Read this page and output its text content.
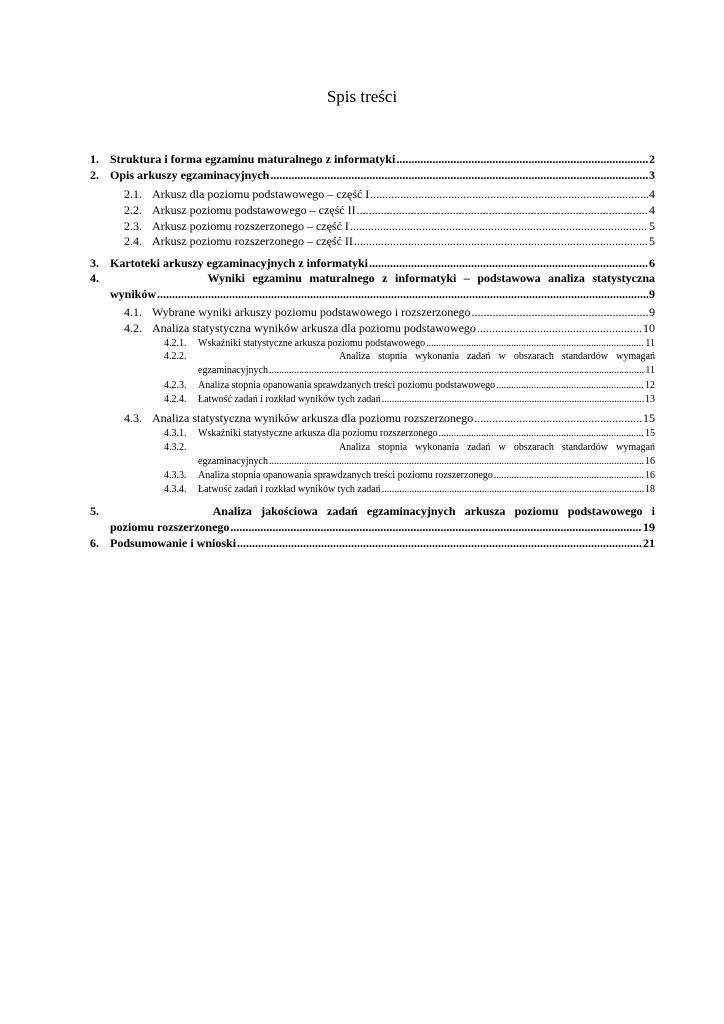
Spis treści
1. Struktura i forma egzaminu maturalnego z informatyki .....	2
2. Opis arkuszy egzaminacyjnych .....	3
2.1. Arkusz dla poziomu podstawowego – część I .....	4
2.2. Arkusz poziomu podstawowego – część II .....	4
2.3. Arkusz poziomu rozszerzonego – część I .....	5
2.4. Arkusz poziomu rozszerzonego – część II .....	5
3. Kartoteki arkuszy egzaminacyjnych z informatyki .....	6
4.	Wyniki egzaminu maturalnego z informatyki – podstawowa analiza statystyczna
wyników .....	9
4.1. Wybrane wyniki arkuszy poziomu podstawowego i rozszerzonego .....	9
4.2. Analiza statystyczna wyników arkusza dla poziomu podstawowego .....	10
4.2.1.	Wskaźniki statystyczne arkusza poziomu podstawowego .....	11
4.2.2.	Analiza stopnia wykonania zadań w obszarach standardów wymagań
egzaminacyjnych .....	11
4.2.3.	Analiza stopnia opanowania sprawdzanych treści poziomu podstawowego .....	12
4.2.4.	Łatwość zadań i rozkład wyników tych zadań .....	13
4.3. Analiza statystyczna wyników arkusza dla poziomu rozszerzonego .....	15
4.3.1.	Wskaźniki statystyczne arkusza dla poziomu rozszerzonego .....	15
4.3.2.	Analiza stopnia wykonania zadań w obszarach standardów wymagań
egzaminacyjnych .....	16
4.3.3.	Analiza stopnia opanowania sprawdzanych treści poziomu rozszerzonego .....	16
4.3.4.	Łatwość zadań i rozkład wyników tych zadań .....	18
5.	Analiza jakościowa zadań egzaminacyjnych arkusza poziomu podstawowego i
poziomu rozszerzonego .....	19
6. Podsumowanie i wnioski .....	21
